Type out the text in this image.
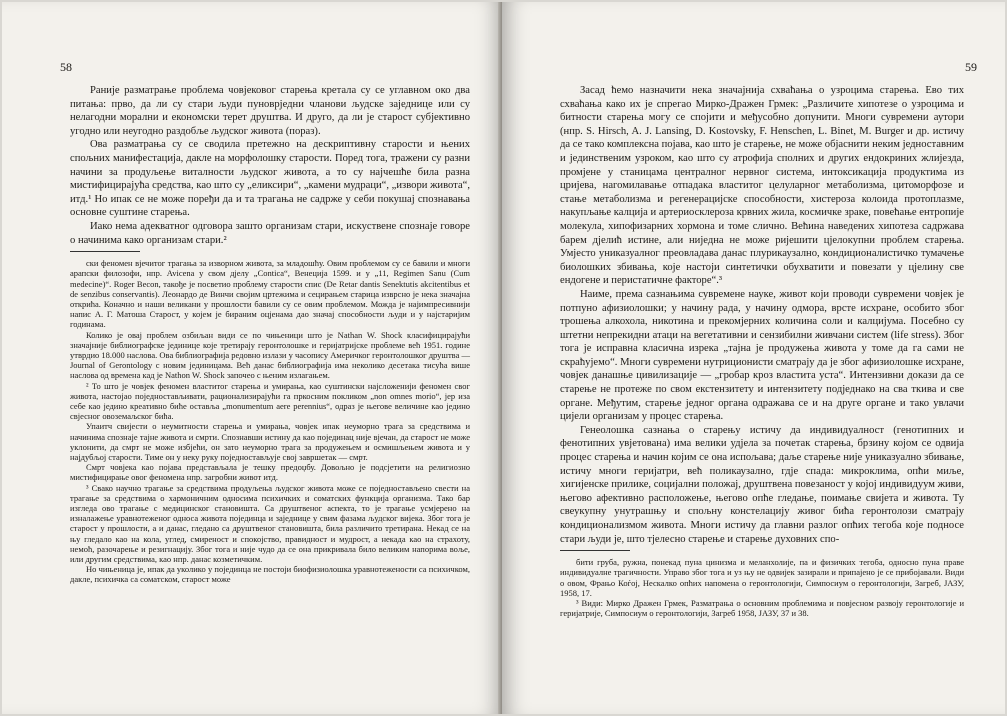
58

Раније разматрање проблема човјековог старења кретала су се углавном око два питања: прво, да ли су стари људи пуноврједни чланови људске заједнице или су нелагодни морални и економски терет друштва. И друго, да ли је старост субјективно угодно или неугодно раздобље људског живота (пораз).

Ова разматрања су се сводила претежно на дескриптивну старости и њених спољних манифестација, дакле на морфолошку старости. Поред тога, тражени су разни начини за продуљење виталности људског живота, а то су најчешће била разна мистифицирајућа средства, као што су „еликсири“, „камени мудраци“, „извори живота“, итд.¹ Но ипак се не може поређи да и та трагања не садрже у себи покушај спознавања основне суштине старења.

Иако нема адекватног одговора зашто организам стари, искуствене спознаје говоре о начинима како организам стари.²

ски феномен вјечитог трагања за изворном живота, за младошћу. Овим проблемом су се бавили и многи арапски филозофи, нпр. Avicena у свом дјелу „Contica“, Венеција 1599. и у „11, Regimen Sanu (Cum medecine)“. Roger Becon, такође је посветио проблему старости спис (De Retar dantis Senektutis akcitentibus et de senzibus conservantis). Леонардо де Винчи својим цртежима и сецирањем старица изврсно је нека значајна открића. Коначно и наши великани у прошлости бавили су се овим проблемом. Можда је најимпресивнији напис А. Г. Матоша Старост, у којем је бираним оцјенама дао значај способности људи и у најстаријим годинама.

Колико је овај проблем озбиљан види се по чињеници што је Nathan W. Shock класифицирајући значајније библиографске јединице које третирају геронтолошке и геријатријске проблеме већ 1951. године утврдио 18.000 наслова. Ова библиографија редовно излази у часопису Америчког геронтолошког друштва — Journal of Gerontology с новим јединицама. Већ данас библиографија има неколико десетака тисућа више наслова од времена кад је Nathon W. Shock започео с њеним излагањем.

² То што је човјек феномен властитог старења и умирања, као суштински најсложенији феномен свог живота, настојао поједностављивати, рационализирајући га пркосним покликом „non omnes morio“, јер иза себе као једино креативно биће оставља „monumentum aere perennius“, одраз је његове величине као једино свјесног овоземаљског бића.

Упаитч свијести о неумитности старења и умирања, човјек ипак неуморно трага за средствима и начинима спознаје тајне живота и смрти. Спознавши истину да као појединац није вјечан, да старост не може уклонити, да смрт не може избјећи, он зато неуморно трага за продужењем и осмишљењем живота и у најдубљој старости. Тиме он у неку руку поједностављује свој завршетак — смрт.

Смрт човјека као појава представљала је тешку предоџбу. Довољно је подсјетити на религиозно мистифицирање овог феномена нпр. загробни живот итд.

³ Свако научно трагање за средствима продуљења људског живота може се поједностављено свести на трагање за средствима о хармоничним односима психичких и соматских функција организма. Тако бар изгледа ово трагање с медицинског становишта. Са друштвеног аспекта, то је трагање усмјерено на изналажење уравнотеженог односа живота појединца и заједнице у свим фазама људског вијека. Због тога је старост у прошлости, а и данас, гледано са друштвеног становишта, била различито третирана. Некад се на њу гледало као на кола, углед, смиреност и спокојство, правидност и мудрост, а некада као на страхоту, немоћ, разочарење и резигнацију. Због тога и није чудо да се она прикривала било великим напорима воље, или другим средствима, као нпр. данас козметичким.

Но чињеница је, ипак да уколико у појединца не постоји биофизиолошка уравнотежености са психичком, дакле, психичка са соматском, старост може

59

Засад ћемо назначити нека значајнија схваћања о узроцима старења. Ево тих схваћања како их је спрегао Мирко-Дражен Грмек: „Различите хипотезе о узроцима и битности старења могу се спојити и међусобно допунити. Многи сувремени аутори (нпр. S. Hirsch, A. J. Lansing, D. Kostovsky, F. Henschen, L. Binet, M. Burger и др. истичу да се тако комплексна појава, као што је старење, не може објаснити неким једноставним и јединственим узроком, као што су атрофија сполних и других ендокриних жлијезда, промјене у станицама централног нервног система, интоксикација продуктима из цријева, нагомилавање отпадака властитог целуларног метаболизма, цитоморфозе и стање метаболизма и регенерацијске способности, хистерозa колоида протоплазме, накупљање калција и артериосклероза крвних жила, космичке зраке, повећање ентропије молекула, хипофизарних хормона и томе слично. Већина наведених хипотеза садржава барем дјелић истине, али ниједна не може ријешити цјелокупни проблем старења. Умјесто униказуалног преовладава данас плурикаузално, кондиционалистичко тумачење биолошких збивања, које настоји синтетички обухватити и повезати у цјелину све ендогене и перистатичне факторе“.³

Наиме, према сазнањима сувремене науке, живот који проводи сувремени човјек је потпуно афизиолошки; у начину рада, у начину одмора, врсте исхране, особито због трошења алкохола, никотина и прекомјерних количина соли и калцијума. Посебно су штетни непрекидни атаци на вегетативни и сензибилни живчани систем (life stress). Због тога је исправна класична изрека „тајна је продужења живота у томе да га сами не скраћујемо“. Многи сувремени нутриционисти сматрају да је због афизиолошке исхране, човјек данашње цивилизације — „гробар кроз властита уста“. Интензивни докази да се старење не протеже по свом екстензитету и интензитету подједнако на сва ткива и све органе. Међутим, старење једног органа одражава се и на друге органе и тако увлачи цијели организам у процес старења.

Генеолошка сазнања о старењу истичу да индивидуалност (генотипних и фенотипних увјетована) има велики удјела за почетак старења, брзину којом се одвија процес старења и начин којим се она испољава; даље старење није униказуално збивање, истичу многи геријатри, већ поликаузално, гдје спада: микроклима, опћи миље, хигијенске прилике, социјални положај, друштвена повезаност у којој индивидуум живи, његово афективно расположење, његово опће гледање, поимање свијета и живота. Ту свеукупну унутрашњу и спољну констелацију живог бића геронтолози сматрају кондиционализмом живота. Многи истичу да главни разлог опћих тегоба које подносе стари људи је, што тјелесно старење и старење духовних спо-

бити груба, ружна, понекад пуна цинизма и меланхолије, па и физичких тегоба, односно пуна праве индивидуалне трагичности. Управо због тога и уз њу не одвијек зазирали и припајено је се прибојавали. Види о овом, Фрањо Коѓој, Нескалко опћих напомена о геронтологији, Симпосиум о геронтологији, Загреб, ЈАЗУ, 1958, 17.

³ Види: Мирко Дражен Грмек, Разматрања о основним проблемима и повјесном развоју геронтологије и геријатрије, Симпосиум о геронтологији, Загреб 1958, ЈАЗУ, 37 и 38.
